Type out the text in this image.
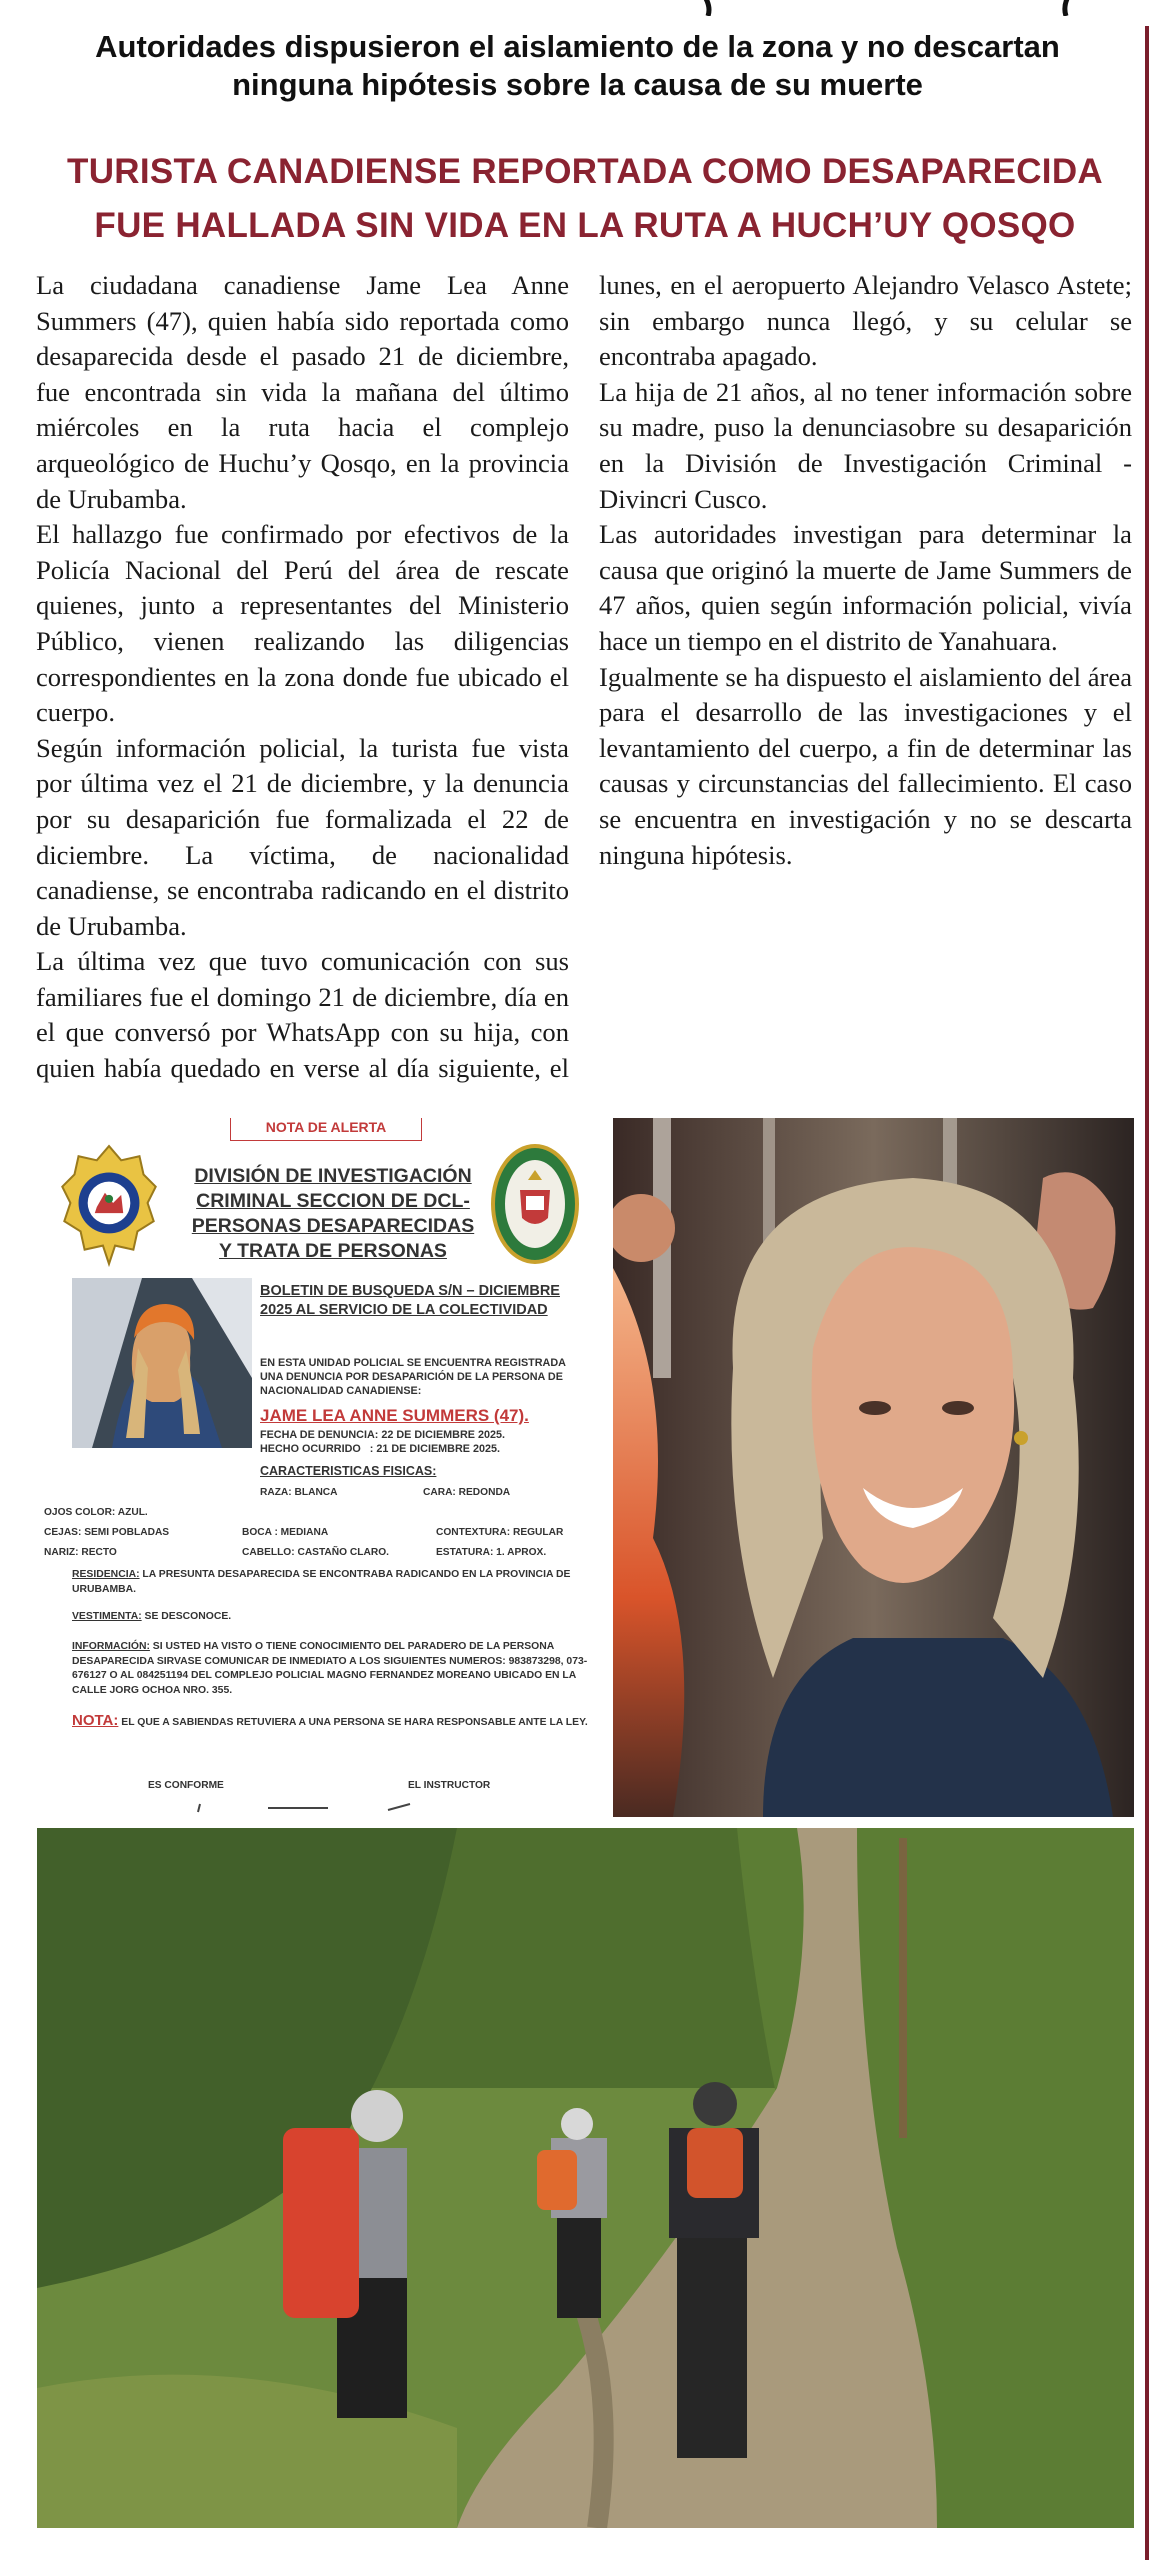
Autoridades dispusieron el aislamiento de la zona y no descartan ninguna hipótesis sobre la causa de su muerte
TURISTA CANADIENSE REPORTADA COMO DESAPARECIDA FUE HALLADA SIN VIDA EN LA RUTA A HUCH’UY QOSQO

La ciudadana canadiense Jame Lea Anne Summers (47), quien había sido reportada como desaparecida desde el pasado 21 de diciembre, fue encontrada sin vida la mañana del último miércoles en la ruta hacia el complejo arqueológico de Huchu’y Qosqo, en la provincia de Urubamba.

El hallazgo fue confirmado por efectivos de la Policía Nacional del Perú del área de rescate quienes, junto a representantes del Ministerio Público, vienen realizando las diligencias correspondientes en la zona donde fue ubicado el cuerpo.

Según información policial, la turista fue vista por última vez el 21 de diciembre, y la denuncia por su desaparición fue formalizada el 22 de diciembre. La víctima, de nacionalidad canadiense, se encontraba radicando en el distrito de Urubamba.

La última vez que tuvo comunicación con sus familiares fue el domingo 21 de diciembre, día en el que conversó por WhatsApp con su hija, con quien había quedado en verse al día siguiente, el lunes, en el aeropuerto Alejandro Velasco Astete; sin embargo nunca llegó, y su celular se encontraba apagado.

La hija de 21 años, al no tener información sobre su madre, puso la denunciasobre su desaparición en la División de Investigación Criminal - Divincri Cusco.

Las autoridades investigan para determinar la causa que originó la muerte de Jame Summers de 47 años, quien según información policial, vivía hace un tiempo en el distrito de Yanahuara.

Igualmente se ha dispuesto el aislamiento del área para el desarrollo de las investigaciones y el levantamiento del cuerpo, a fin de determinar las causas y circunstancias del fallecimiento. El caso se encuentra en investigación y no se descarta ninguna hipótesis.

NOTA DE ALERTA
DIVISIÓN DE INVESTIGACIÓN CRIMINAL SECCION DE DCL- PERSONAS DESAPARECIDAS Y TRATA DE PERSONAS
BOLETIN DE BUSQUEDA S/N – DICIEMBRE 2025 AL SERVICIO DE LA COLECTIVIDAD
EN ESTA UNIDAD POLICIAL SE ENCUENTRA REGISTRADA UNA DENUNCIA POR DESAPARICIÓN DE LA PERSONA DE NACIONALIDAD CANADIENSE:
JAME LEA ANNE SUMMERS (47).
FECHA DE DENUNCIA: 22 DE DICIEMBRE 2025.
HECHO OCURRIDO   : 21 DE DICIEMBRE 2025.
CARACTERISTICAS FISICAS:
RAZA: BLANCA	CARA: REDONDA
OJOS COLOR: AZUL.
CEJAS: SEMI POBLADAS	BOCA : MEDIANA	CONTEXTURA: REGULAR
NARIZ: RECTO	CABELLO: CASTAÑO CLARO.	ESTATURA: 1. APROX.
RESIDENCIA: LA PRESUNTA DESAPARECIDA SE ENCONTRABA RADICANDO EN LA PROVINCIA DE URUBAMBA.
VESTIMENTA: SE DESCONOCE.
INFORMACIÓN: SI USTED HA VISTO O TIENE CONOCIMIENTO DEL PARADERO DE LA PERSONA DESAPARECIDA SIRVASE COMUNICAR DE INMEDIATO A LOS SIGUIENTES NUMEROS: 983873298, 073-676127 O AL 084251194 DEL COMPLEJO POLICIAL MAGNO FERNANDEZ MOREANO UBICADO EN LA CALLE JORG OCHOA NRO. 355.
NOTA: EL QUE A SABIENDAS RETUVIERA A UNA PERSONA SE HARA RESPONSABLE ANTE LA LEY.
ES CONFORME	EL INSTRUCTOR
